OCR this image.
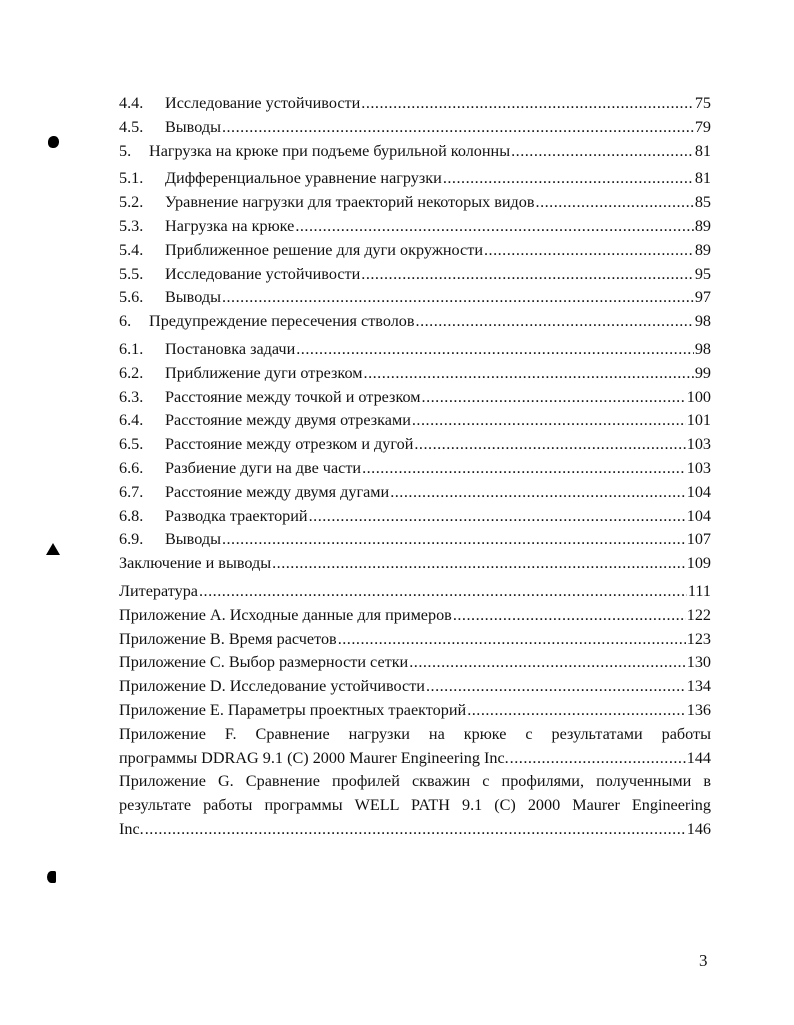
4.4.	Исследование устойчивости .....	75
4.5.	Выводы .....	79
5.	Нагрузка на крюке при подъеме бурильной колонны .....	81
5.1.	Дифференциальное уравнение нагрузки .....	81
5.2.	Уравнение нагрузки для траекторий некоторых видов .....	85
5.3.	Нагрузка на крюке .....	89
5.4.	Приближенное решение для дуги окружности .....	89
5.5.	Исследование устойчивости .....	95
5.6.	Выводы .....	97
6.	Предупреждение пересечения стволов .....	98
6.1.	Постановка задачи .....	98
6.2.	Приближение дуги отрезком .....	99
6.3.	Расстояние между точкой и отрезком .....	100
6.4.	Расстояние между двумя отрезками .....	101
6.5.	Расстояние между отрезком и дугой .....	103
6.6.	Разбиение дуги на две части .....	103
6.7.	Расстояние между двумя дугами .....	104
6.8.	Разводка траекторий .....	104
6.9.	Выводы .....	107
Заключение и выводы .....	109
Литература .....	111
Приложение A. Исходные данные для примеров .....	122
Приложение B. Время расчетов .....	123
Приложение C. Выбор размерности сетки .....	130
Приложение D. Исследование устойчивости .....	134
Приложение E. Параметры проектных траекторий .....	136
Приложение F. Сравнение нагрузки на крюке с результатами работы
программы DDRAG 9.1 (C) 2000 Maurer Engineering Inc. .....	144
Приложение G. Сравнение профилей скважин с профилями, полученными в
результате работы программы WELL PATH 9.1 (C) 2000 Maurer Engineering
Inc. .....	146
3
